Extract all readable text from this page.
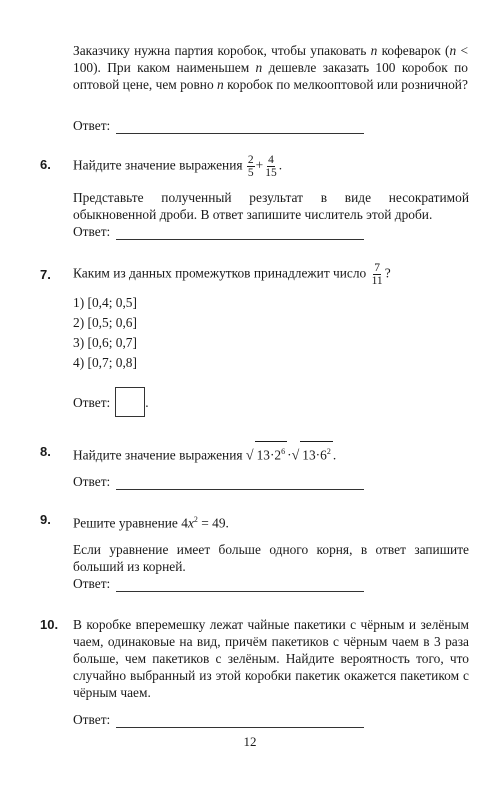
Заказчику нужна партия коробок, чтобы упаковать n кофеварок (n < 100). При каком наименьшем n дешевле заказать 100 коробок по оптовой цене, чем ровно n коробок по мелкооптовой или розничной?

Ответ:
6. Найдите значение выражения $\frac{2}{5} + \frac{4}{15}$ .

Представьте полученный результат в виде несократимой обыкновенной дроби. В ответ запишите числитель этой дроби.

Ответ:
7. Каким из данных промежутков принадлежит число $\frac{7}{11}$ ?

1) [0,4; 0,5]

2) [0,5; 0,6]

3) [0,6; 0,7]

4) [0,7; 0,8]

Ответ:	.
8. Найдите значение выражения √ $13\cdot 2^6$ ·√ $13\cdot 6^2$ .

Ответ:
9. Решите уравнение $4x^2 = 49$.

Если уравнение имеет больше одного корня, в ответ запишите больший из корней.

Ответ:
10. В коробке вперемешку лежат чайные пакетики с чёрным и зелёным чаем, одинаковые на вид, причём пакетиков с чёрным чаем в 3 раза больше, чем пакетиков с зелёным. Найдите вероятность того, что случайно выбранный из этой коробки пакетик окажется пакетиком с чёрным чаем.

Ответ:
12
